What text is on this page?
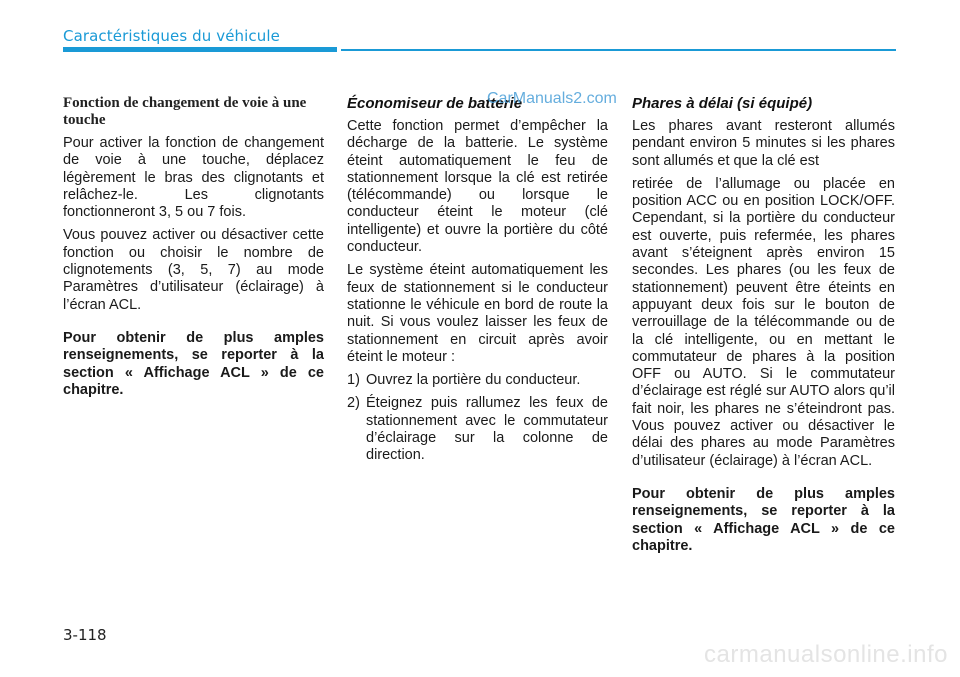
Caractéristiques du véhicule
Fonction de changement de voie à une touche

Pour activer la fonction de changement de voie à une touche, déplacez légèrement le bras des clignotants et relâchez-le. Les clignotants fonctionneront 3, 5 ou 7 fois.

Vous pouvez activer ou désactiver cette fonction ou choisir le nombre de clignotements (3, 5, 7) au mode Paramètres d’utilisateur (éclairage) à l’écran ACL.

Pour obtenir de plus amples renseignements, se reporter à la section « Affichage ACL » de ce chapitre.

Économiseur de batterie

Cette fonction permet d’empêcher la décharge de la batterie. Le système éteint automatiquement le feu de stationnement lorsque la clé est retirée (télécommande) ou lorsque le conducteur éteint le moteur (clé intelligente) et ouvre la portière du côté conducteur.

Le système éteint automatiquement les feux de stationnement si le conducteur stationne le véhicule en bord de route la nuit. Si vous voulez laisser les feux de stationnement en circuit après avoir éteint le moteur :

1) Ouvrez la portière du conducteur.
2) Éteignez puis rallumez les feux de stationnement avec le commutateur d’éclairage sur la colonne de direction.
Phares à délai (si équipé)

Les phares avant resteront allumés pendant environ 5 minutes si les phares sont allumés et que la clé est

retirée de l’allumage ou placée en position ACC ou en position LOCK/OFF. Cependant, si la portière du conducteur est ouverte, puis refermée, les phares avant s’éteignent après environ 15 secondes. Les phares (ou les feux de stationnement) peuvent être éteints en appuyant deux fois sur le bouton de verrouillage de la télécommande ou de la clé intelligente, ou en mettant le commutateur de phares à la position OFF ou AUTO. Si le commutateur d’éclairage est réglé sur AUTO alors qu’il fait noir, les phares ne s’éteindront pas. Vous pouvez activer ou désactiver le délai des phares au mode Paramètres d’utilisateur (éclairage) à l’écran ACL.

Pour obtenir de plus amples renseignements, se reporter à la section « Affichage ACL » de ce chapitre.

CarManuals2.com
3-118
carmanualsonline.info
